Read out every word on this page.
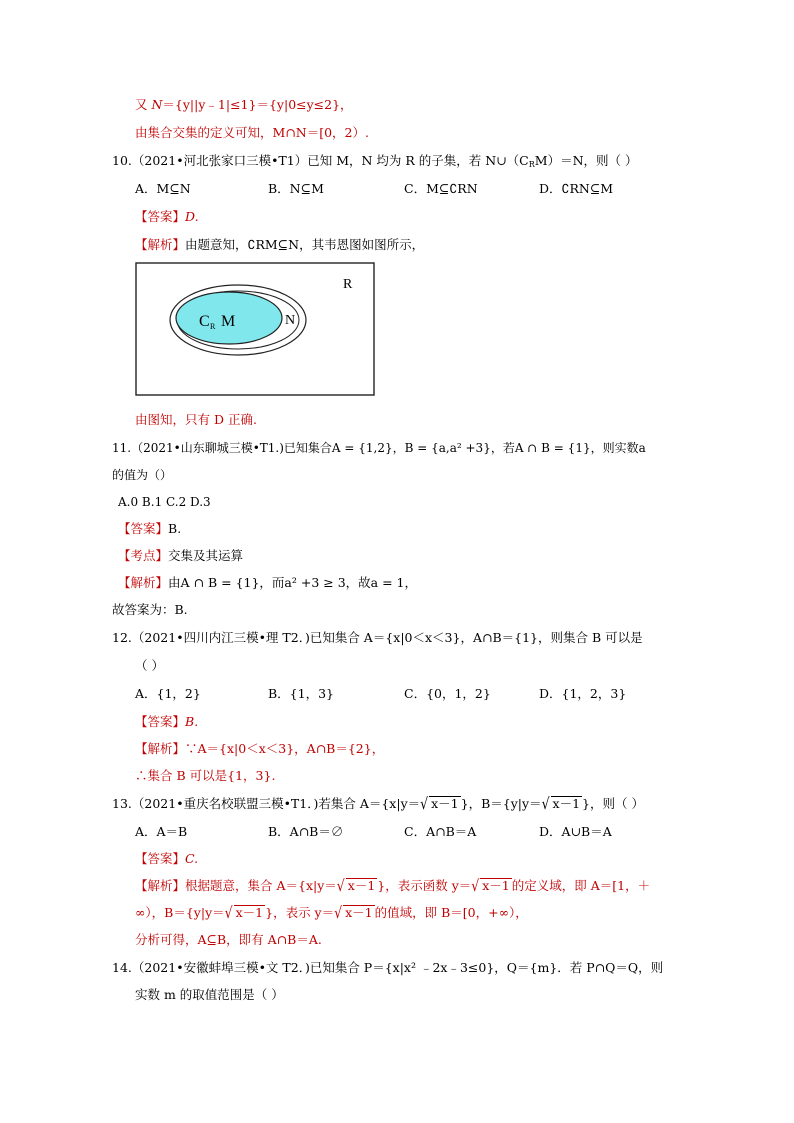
又 N＝{y||y﹣1|≤1}＝{y|0≤y≤2}，
由集合交集的定义可知，M∩N＝[0，2）.
10.（2021•河北张家口三模•T1）已知 M，N 均为 R 的子集，若 $N\cup(C_RM)=N$，则（ ）
A．M⊆N	B．N⊆M	C．M⊆∁RN	D．∁RN⊆M
【答案】D.
【解析】由题意知，∁RM⊆N，其韦恩图如图所示，
R
C R M	N
由图知，只有 D 正确.
11.（2021•山东聊城三模•T1.)已知集合A = {1,2}，B = {a,a² +3}，若A ∩ B = {1}，则实数a
的值为（）
A.0 B.1 C.2 D.3
【答案】B.
【考点】交集及其运算
【解析】由A ∩ B = {1}，而a² +3 ≥ 3，故a = 1，
故答案为：B.
12.（2021•四川内江三模•理 T2．)已知集合 A＝{x|0＜x＜3}，A∩B＝{1}，则集合 B 可以是
（ ）
A．{1，2}	B．{1，3}	C．{0，1，2}	D．{1，2，3}
【答案】B.
【解析】∵A＝{x|0＜x＜3}，A∩B＝{2}，
∴集合 B 可以是{1，3}.
13.（2021•重庆名校联盟三模•T1．)若集合 A＝{x|y＝√ x－1 }，B＝{y|y＝√ x－1 }，则（ ）
A．A＝B	B．A∩B＝∅	C．A∩B＝A	D．A∪B＝A
【答案】C.
【解析】根据题意，集合 A＝{x|y＝√ x－1 }，表示函数 y＝√ x－1 的定义域，即 A＝[1，＋
∞），B＝{y|y＝√ x－1 }，表示 y＝√ x－1 的值域，即 B＝[0，+∞），
分析可得，A⊆B，即有 A∩B＝A.
14.（2021•安徽蚌埠三模•文 T2．)已知集合 P＝{x|x² ﹣2x﹣3≤0}，Q＝{m}．若 P∩Q＝Q，则
实数 m 的取值范围是（ ）
